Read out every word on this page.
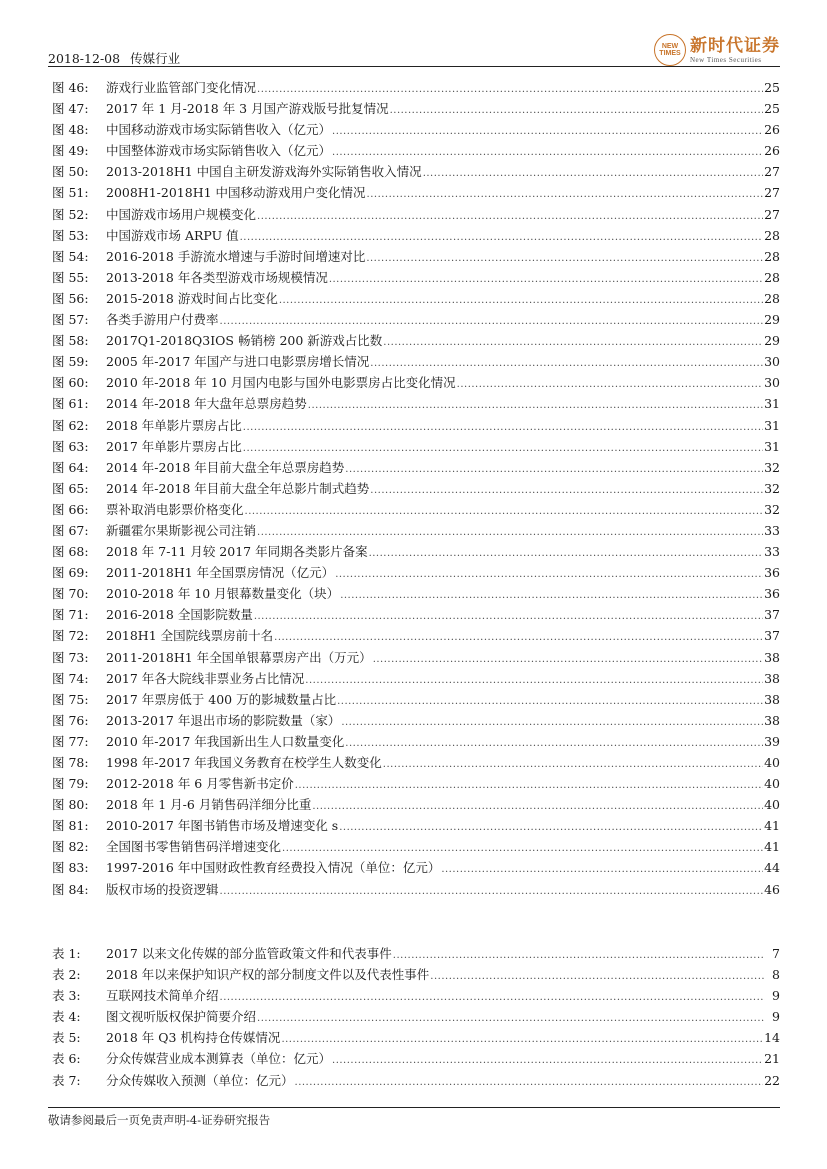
2018-12-08 传媒行业
NEW TIMES 新时代证券
New Times Securities
图 46:	游戏行业监管部门变化情况 .....	25
图 47:	2017 年 1 月-2018 年 3 月国产游戏版号批复情况 .....	25
图 48:	中国移动游戏市场实际销售收入（亿元） .....	26
图 49:	中国整体游戏市场实际销售收入（亿元） .....	26
图 50:	2013-2018H1 中国自主研发游戏海外实际销售收入情况 .....	27
图 51:	2008H1-2018H1 中国移动游戏用户变化情况 .....	27
图 52:	中国游戏市场用户规模变化 .....	27
图 53:	中国游戏市场 ARPU 值 .....	28
图 54:	2016-2018 手游流水增速与手游时间增速对比 .....	28
图 55:	2013-2018 年各类型游戏市场规模情况 .....	28
图 56:	2015-2018 游戏时间占比变化 .....	28
图 57:	各类手游用户付费率 .....	29
图 58:	2017Q1-2018Q3IOS 畅销榜 200 新游戏占比数 .....	29
图 59:	2005 年-2017 年国产与进口电影票房增长情况 .....	30
图 60:	2010 年-2018 年 10 月国内电影与国外电影票房占比变化情况 .....	30
图 61:	2014 年-2018 年大盘年总票房趋势 .....	31
图 62:	2018 年单影片票房占比 .....	31
图 63:	2017 年单影片票房占比 .....	31
图 64:	2014 年-2018 年目前大盘全年总票房趋势 .....	32
图 65:	2014 年-2018 年目前大盘全年总影片制式趋势 .....	32
图 66:	票补取消电影票价格变化 .....	32
图 67:	新疆霍尔果斯影视公司注销 .....	33
图 68:	2018 年 7-11 月较 2017 年同期各类影片备案 .....	33
图 69:	2011-2018H1 年全国票房情况（亿元） .....	36
图 70:	2010-2018 年 10 月银幕数量变化（块） .....	36
图 71:	2016-2018 全国影院数量 .....	37
图 72:	2018H1 全国院线票房前十名 .....	37
图 73:	2011-2018H1 年全国单银幕票房产出（万元） .....	38
图 74:	2017 年各大院线非票业务占比情况 .....	38
图 75:	2017 年票房低于 400 万的影城数量占比 .....	38
图 76:	2013-2017 年退出市场的影院数量（家） .....	38
图 77:	2010 年-2017 年我国新出生人口数量变化 .....	39
图 78:	1998 年-2017 年我国义务教育在校学生人数变化 .....	40
图 79:	2012-2018 年 6 月零售新书定价 .....	40
图 80:	2018 年 1 月-6 月销售码洋细分比重 .....	40
图 81:	2010-2017 年图书销售市场及增速变化 s .....	41
图 82:	全国图书零售销售码洋增速变化 .....	41
图 83:	1997-2016 年中国财政性教育经费投入情况（单位：亿元） .....	44
图 84:	版权市场的投资逻辑 .....	46
表 1:	2017 以来文化传媒的部分监管政策文件和代表事件 .....	7
表 2:	2018 年以来保护知识产权的部分制度文件以及代表性事件 .....	8
表 3:	互联网技术简单介绍 .....	9
表 4:	图文视听版权保护简要介绍 .....	9
表 5:	2018 年 Q3 机构持仓传媒情况 .....	14
表 6:	分众传媒营业成本测算表（单位：亿元） .....	21
表 7:	分众传媒收入预测（单位：亿元） .....	22
敬请参阅最后一页免责声明-4-证券研究报告
